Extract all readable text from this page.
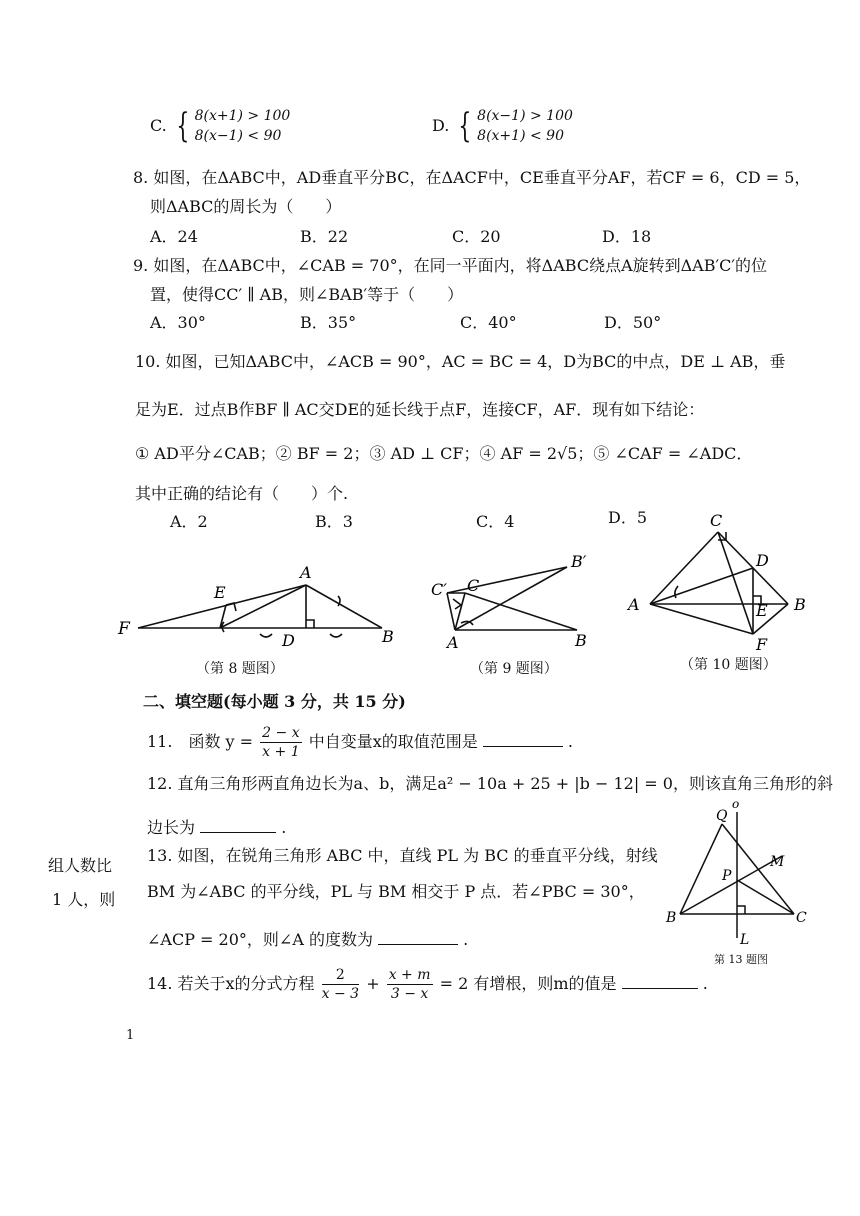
C. { 8(x+1) > 100
8(x−1) < 90
D. { 8(x−1) > 100
8(x+1) < 90
8. 如图，在ΔABC中，AD垂直平分BC，在ΔACF中，CE垂直平分AF，若CF = 6，CD = 5，
则ΔABC的周长为（　　）
A．24	B．22	C．20	D．18
9. 如图，在ΔABC中，∠CAB = 70°，在同一平面内，将ΔABC绕点A旋转到ΔAB′C′的位
置，使得CC′ ∥ AB，则∠BAB′等于（　　）
A．30°	B．35°	C．40°	D．50°
10. 如图，已知ΔABC中，∠ACB = 90°，AC = BC = 4，D为BC的中点，DE ⊥ AB，垂
足为E．过点B作BF ∥ AC交DE的延长线于点F，连接CF，AF．现有如下结论：
① AD平分∠CAB；② BF = 2；③ AD ⊥ CF；④ AF = 2√5；⑤ ∠CAF = ∠ADC．
其中正确的结论有（　　）个.
A．2	B．3	C．4	D．5
F
E
A
D	B
（第 8 题图）
B′
C′ C
A	B
（第 9 题图）
C
D
A	E B
F
（第 10 题图）
二、填空题(每小题 3 分，共 15 分)
11.　函数 $y = \frac{2 - x}{x + 1}$ 中自变量x的取值范围是	.
12. 直角三角形两直角边长为a、b，满足a² − 10a + 25 + |b − 12| = 0，则该直角三角形的斜
边长为	.
13. 如图，在锐角三角形 ABC 中，直线 PL 为 BC 的垂直平分线，射线
BM 为∠ABC 的平分线，PL 与 BM 相交于 P 点．若∠PBC = 30°，
∠ACP = 20°，则∠A 的度数为	.
o
Q
P
M
B	C
L
第 13 题图
14. 若关于x的分式方程 $\frac{2}{x - 3} + \frac{x + m}{3 - x} = 2$ 有增根，则m的值是	.
组人数比
1 人，则
1
